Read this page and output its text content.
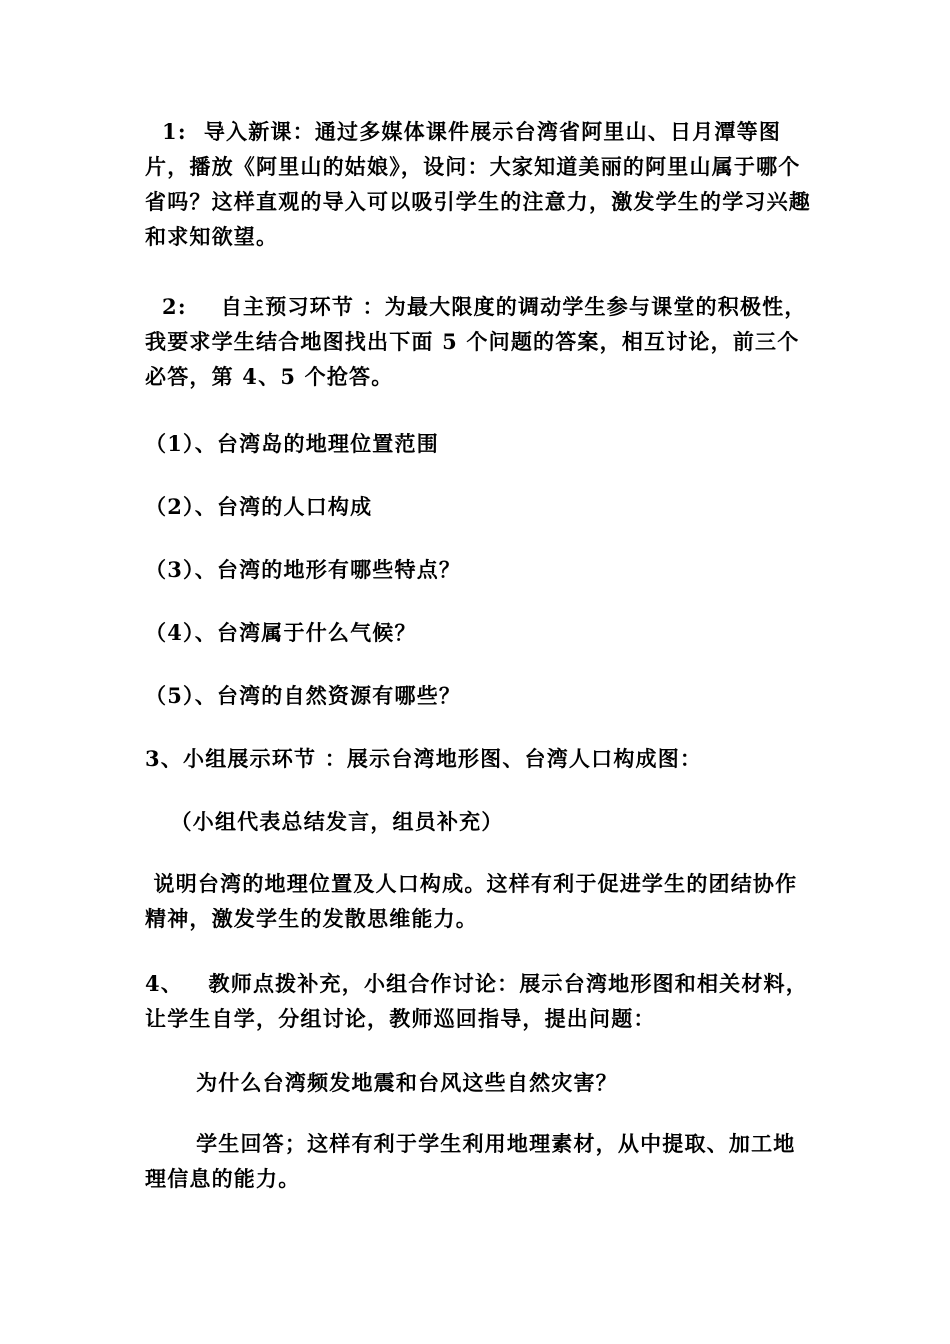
1:  导入新课：通过多媒体课件展示台湾省阿里山、日月潭等图片，播放《阿里山的姑娘》，设问：大家知道美丽的阿里山属于哪个省吗？这样直观的导入可以吸引学生的注意力，激发学生的学习兴趣和求知欲望。

2:    自主预习环节 ：为最大限度的调动学生参与课堂的积极性，我要求学生结合地图找出下面 5 个问题的答案，相互讨论，前三个必答，第 4、5 个抢答。

（1）、台湾岛的地理位置范围

（2）、台湾的人口构成

（3）、台湾的地形有哪些特点？

（4）、台湾属于什么气候？

（5）、台湾的自然资源有哪些？

3、小组展示环节 ：展示台湾地形图、台湾人口构成图：

（小组代表总结发言，组员补充）

说明台湾的地理位置及人口构成。这样有利于促进学生的团结协作精神，激发学生的发散思维能力。

4、   教师点拨补充，小组合作讨论：展示台湾地形图和相关材料，  让学生自学，分组讨论，教师巡回指导，提出问题：

为什么台湾频发地震和台风这些自然灾害？

学生回答；这样有利于学生利用地理素材，从中提取、加工地理信息的能力。
